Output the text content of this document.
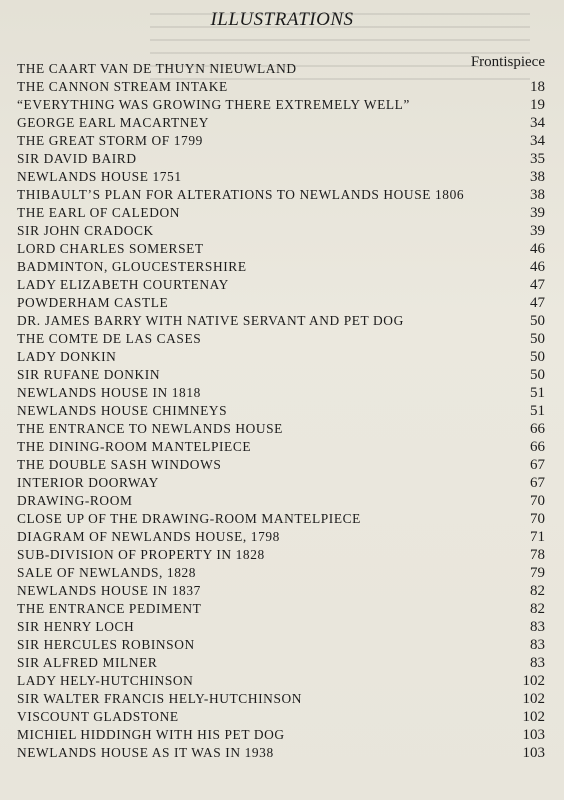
ILLUSTRATIONS
THE CAART VAN DE THUYN NIEUWLAND	Frontispiece
THE CANNON STREAM INTAKE	18
“EVERYTHING WAS GROWING THERE EXTREMELY WELL”	19
GEORGE EARL MACARTNEY	34
THE GREAT STORM OF 1799	34
SIR DAVID BAIRD	35
NEWLANDS HOUSE 1751	38
THIBAULT’S PLAN FOR ALTERATIONS TO NEWLANDS HOUSE 1806	38
THE EARL OF CALEDON	39
SIR JOHN CRADOCK	39
LORD CHARLES SOMERSET	46
BADMINTON, GLOUCESTERSHIRE	46
LADY ELIZABETH COURTENAY	47
POWDERHAM CASTLE	47
DR. JAMES BARRY WITH NATIVE SERVANT AND PET DOG	50
THE COMTE DE LAS CASES	50
LADY DONKIN	50
SIR RUFANE DONKIN	50
NEWLANDS HOUSE IN 1818	51
NEWLANDS HOUSE CHIMNEYS	51
THE ENTRANCE TO NEWLANDS HOUSE	66
THE DINING-ROOM MANTELPIECE	66
THE DOUBLE SASH WINDOWS	67
INTERIOR DOORWAY	67
DRAWING-ROOM	70
CLOSE UP OF THE DRAWING-ROOM MANTELPIECE	70
DIAGRAM OF NEWLANDS HOUSE, 1798	71
SUB-DIVISION OF PROPERTY IN 1828	78
SALE OF NEWLANDS, 1828	79
NEWLANDS HOUSE IN 1837	82
THE ENTRANCE PEDIMENT	82
SIR HENRY LOCH	83
SIR HERCULES ROBINSON	83
SIR ALFRED MILNER	83
LADY HELY-HUTCHINSON	102
SIR WALTER FRANCIS HELY-HUTCHINSON	102
VISCOUNT GLADSTONE	102
MICHIEL HIDDINGH WITH HIS PET DOG	103
NEWLANDS HOUSE AS IT WAS IN 1938	103
